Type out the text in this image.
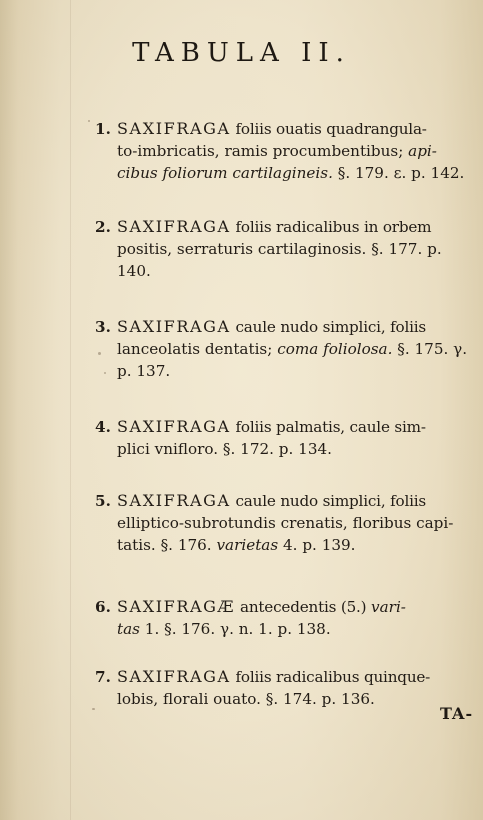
TABULA II.
1. SAXIFRAGA foliis ouatis quadrangula-
to-imbricatis, ramis procumbentibus; api-
cibus foliorum cartilagineis. §. 179. ε. p. 142.
2. SAXIFRAGA foliis radicalibus in orbem
positis, serraturis cartilaginosis. §. 177. p.
140.
3. SAXIFRAGA caule nudo simplici, foliis
lanceolatis dentatis; coma foliolosa. §. 175. γ.
p. 137.
4. SAXIFRAGA foliis palmatis, caule sim-
plici vnifloro. §. 172. p. 134.
5. SAXIFRAGA caule nudo simplici, foliis
elliptico-subrotundis crenatis, floribus capi-
tatis. §. 176. varietas 4. p. 139.
6. SAXIFRAGÆ antecedentis (5.) vari-
tas 1. §. 176. γ. n. 1. p. 138.
7. SAXIFRAGA foliis radicalibus quinque-
lobis, florali ouato. §. 174. p. 136.
TA-
